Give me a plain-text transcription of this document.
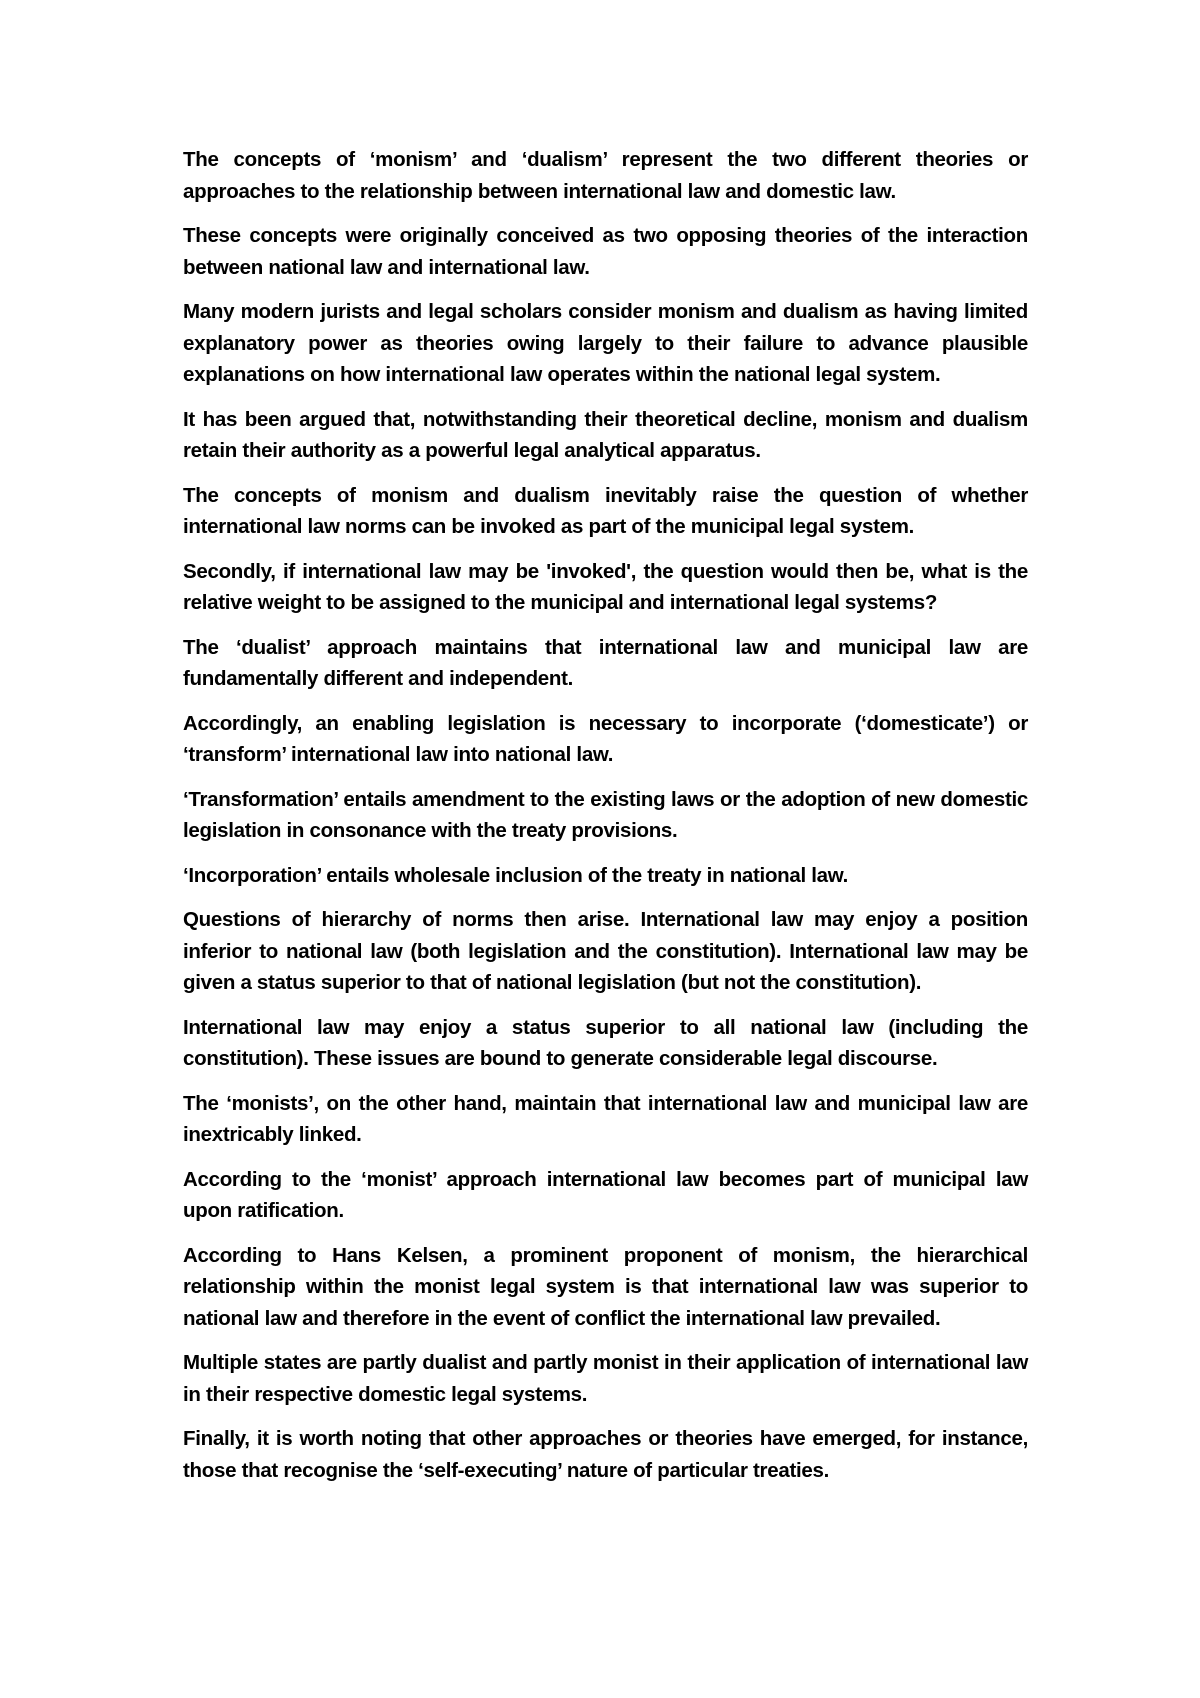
The concepts of ‘monism’ and ‘dualism’ represent the two different theories or approaches to the relationship between international law and domestic law.

These concepts were originally conceived as two opposing theories of the interaction between national law and international law.

Many modern jurists and legal scholars consider monism and dualism as having limited explanatory power as theories owing largely to their failure to advance plausible explanations on how international law operates within the national legal system.

It has been argued that, notwithstanding their theoretical decline, monism and dualism retain their authority as a powerful legal analytical apparatus.

The concepts of monism and dualism inevitably raise the question of whether international law norms can be invoked as part of the municipal legal system.

Secondly, if international law may be 'invoked', the question would then be, what is the relative weight to be assigned to the municipal and international legal systems?

The ‘dualist’ approach maintains that international law and municipal law are fundamentally different and independent.

Accordingly, an enabling legislation is necessary to incorporate (‘domesticate’) or ‘transform’ international law into national law.

‘Transformation’ entails amendment to the existing laws or the adoption of new domestic legislation in consonance with the treaty provisions.

‘Incorporation’ entails wholesale inclusion of the treaty in national law.

Questions of hierarchy of norms then arise. International law may enjoy a position inferior to national law (both legislation and the constitution). International law may be given a status superior to that of national legislation (but not the constitution).

International law may enjoy a status superior to all national law (including the constitution). These issues are bound to generate considerable legal discourse.

The ‘monists’, on the other hand, maintain that international law and municipal law are inextricably linked.

According to the ‘monist’ approach international law becomes part of municipal law upon ratification.

According to Hans Kelsen, a prominent proponent of monism, the hierarchical relationship within the monist legal system is that international law was superior to national law and therefore in the event of conflict the international law prevailed.

Multiple states are partly dualist and partly monist in their application of international law in their respective domestic legal systems.

Finally, it is worth noting that other approaches or theories have emerged, for instance, those that recognise the ‘self-executing’ nature of particular treaties.
